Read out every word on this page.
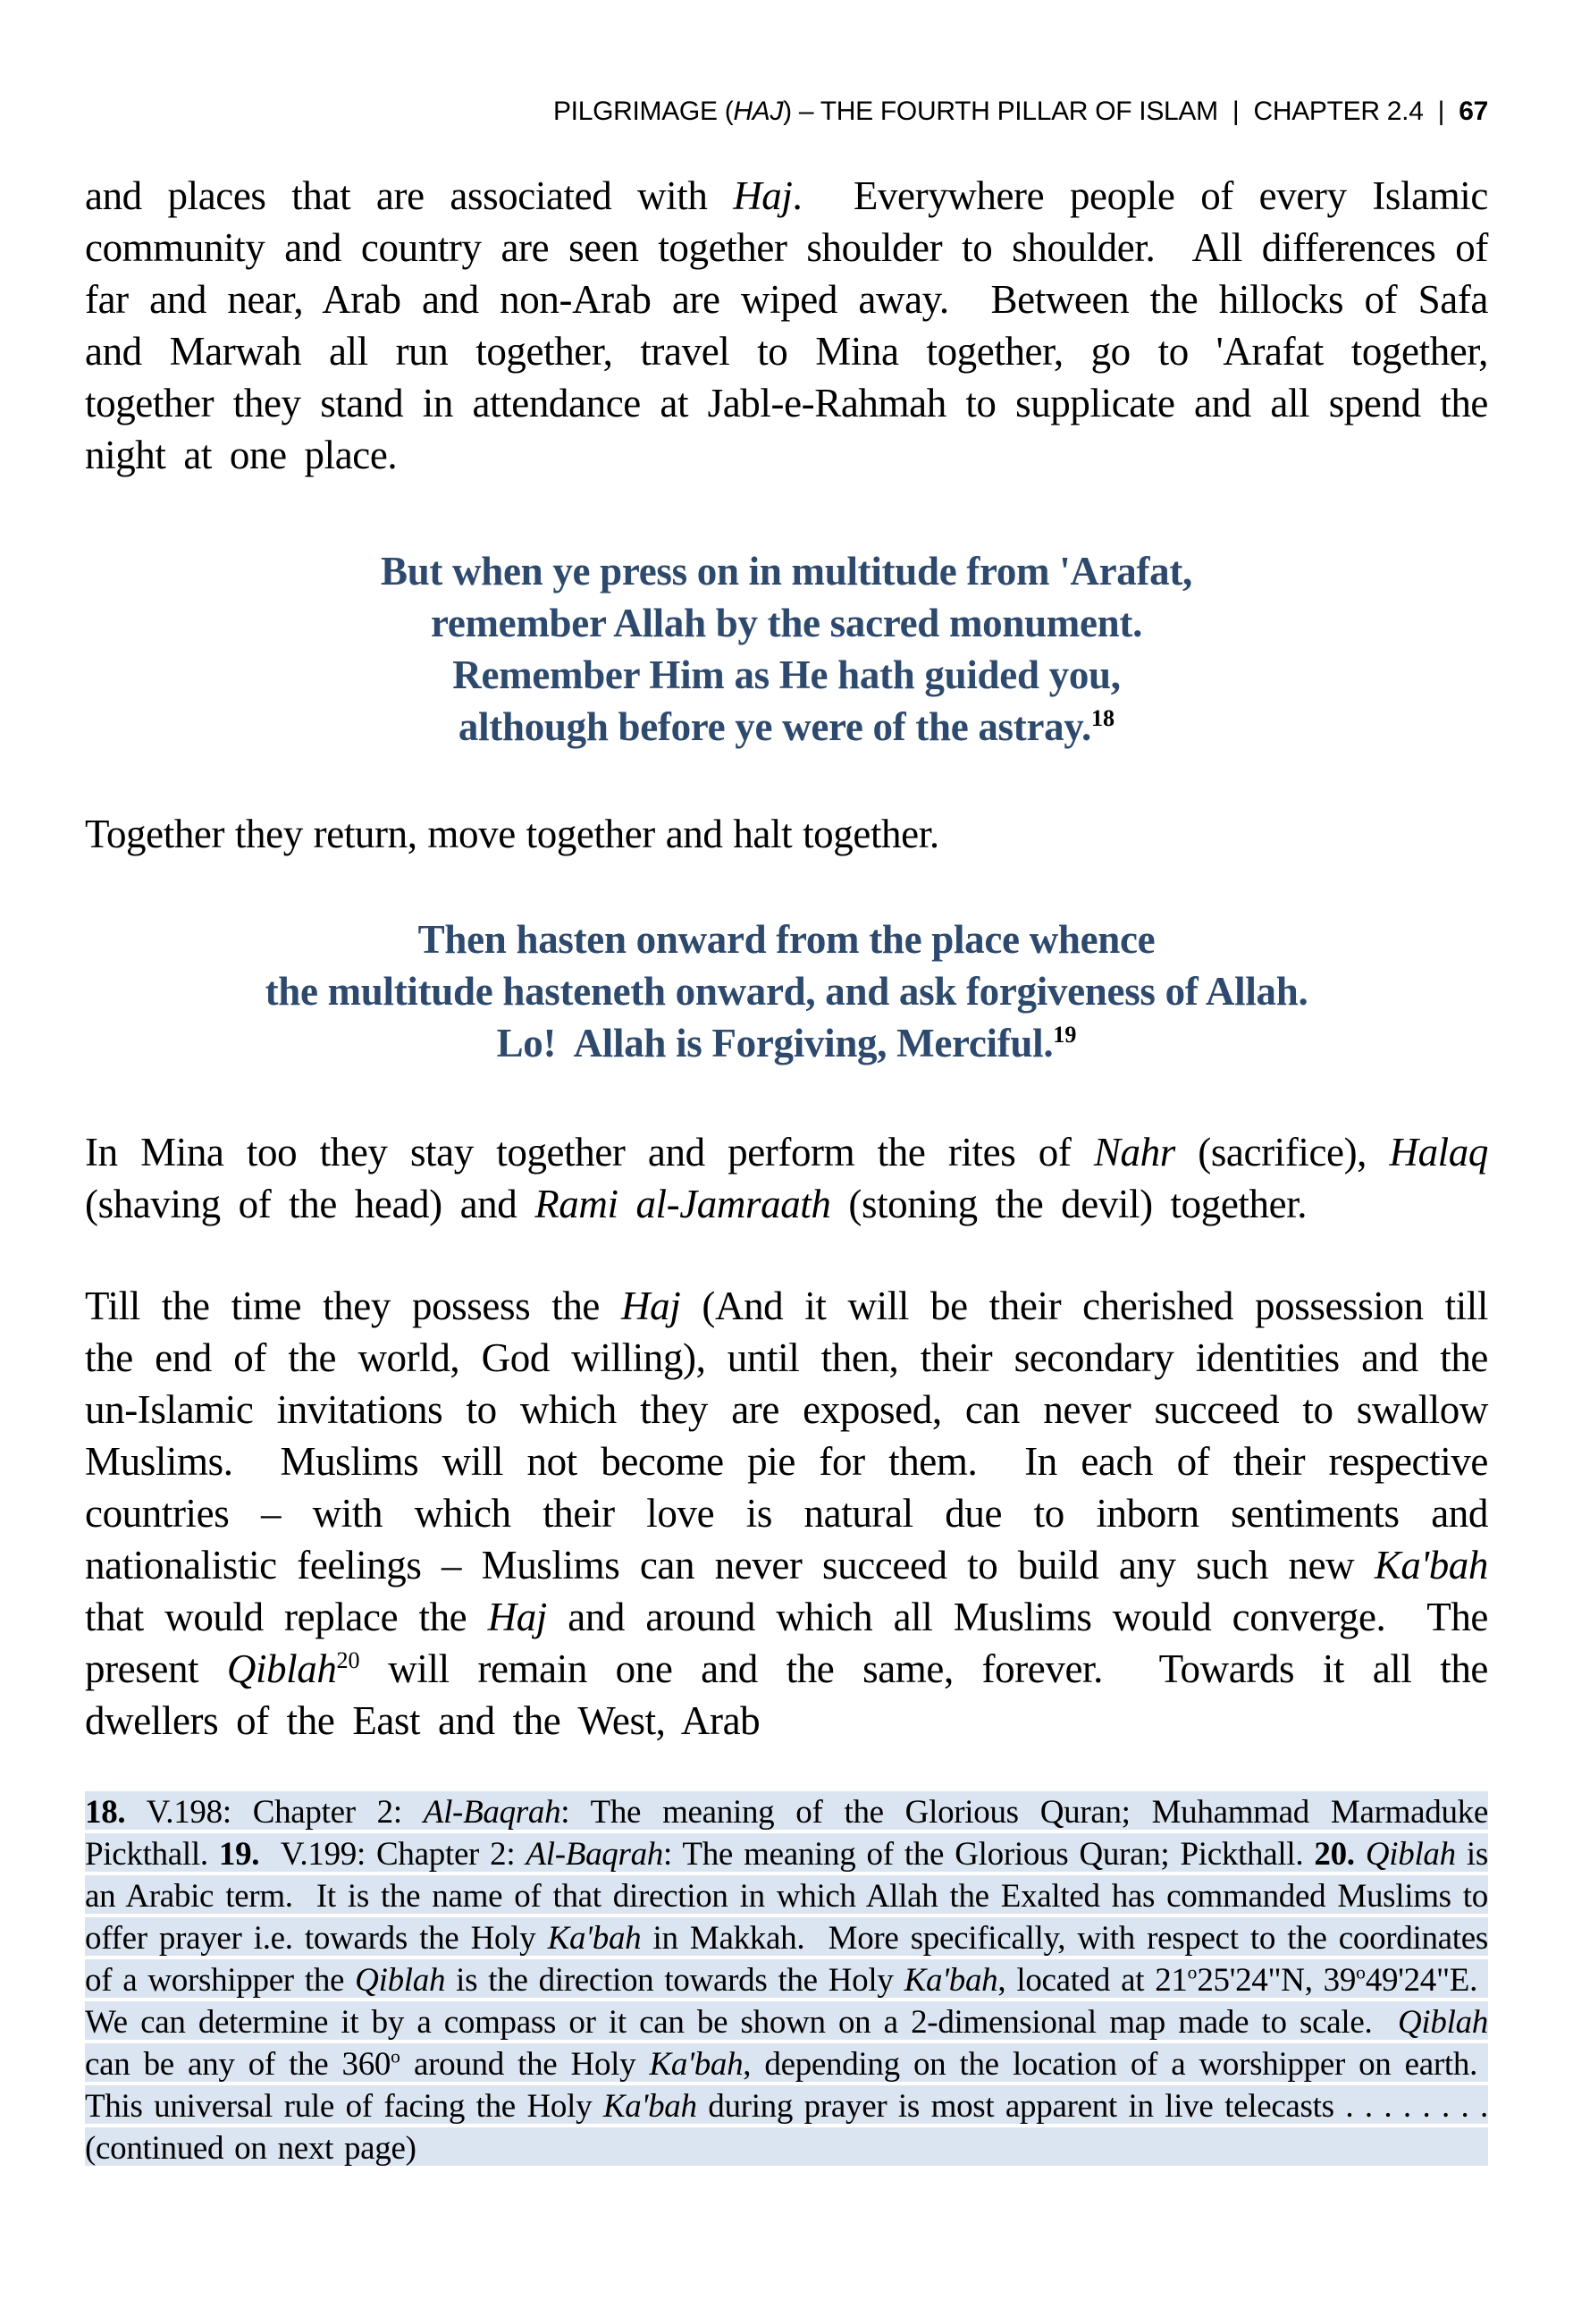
PILGRIMAGE (HAJ) – THE FOURTH PILLAR OF ISLAM  |  CHAPTER 2.4  |  67
and places that are associated with Haj.  Everywhere people of every Islamic community and country are seen together shoulder to shoulder.  All differences of far and near, Arab and non-Arab are wiped away.  Between the hillocks of Safa and Marwah all run together, travel to Mina together, go to 'Arafat together, together they stand in attendance at Jabl-e-Rahmah to supplicate and all spend the night at one place.
But when ye press on in multitude from 'Arafat,
remember Allah by the sacred monument.
Remember Him as He hath guided you,
although before ye were of the astray.$^{18}$
Together they return, move together and halt together.
Then hasten onward from the place whence
the multitude hasteneth onward, and ask forgiveness of Allah.
Lo!  Allah is Forgiving, Merciful.$^{19}$
In Mina too they stay together and perform the rites of Nahr (sacrifice), Halaq (shaving of the head) and Rami al-Jamraath (stoning the devil) together.
Till the time they possess the Haj (And it will be their cherished possession till the end of the world, God willing), until then, their secondary identities and the un-Islamic invitations to which they are exposed, can never succeed to swallow Muslims.  Muslims will not become pie for them.  In each of their respective countries – with which their love is natural due to inborn sentiments and nationalistic feelings – Muslims can never succeed to build any such new Ka'bah that would replace the Haj and around which all Muslims would converge.  The present Qiblah$^{20}$ will remain one and the same, forever.  Towards it all the dwellers of the East and the West, Arab
18. V.198: Chapter 2: Al-Baqrah: The meaning of the Glorious Quran; Muhammad Marmaduke Pickthall. 19.  V.199: Chapter 2: Al-Baqrah: The meaning of the Glorious Quran; Pickthall. 20. Qiblah is an Arabic term.  It is the name of that direction in which Allah the Exalted has commanded Muslims to offer prayer i.e. towards the Holy Ka'bah in Makkah.  More specifically, with respect to the coordinates of a worshipper the Qiblah is the direction towards the Holy Ka'bah, located at 21$^o$25'24"N, 39$^o$49'24"E.  We can determine it by a compass or it can be shown on a 2-dimensional map made to scale.  Qiblah can be any of the 360$^o$ around the Holy Ka'bah, depending on the location of a worshipper on earth.  This universal rule of facing the Holy Ka'bah during prayer is most apparent in live telecasts . . . . . . . . (continued on next page)
